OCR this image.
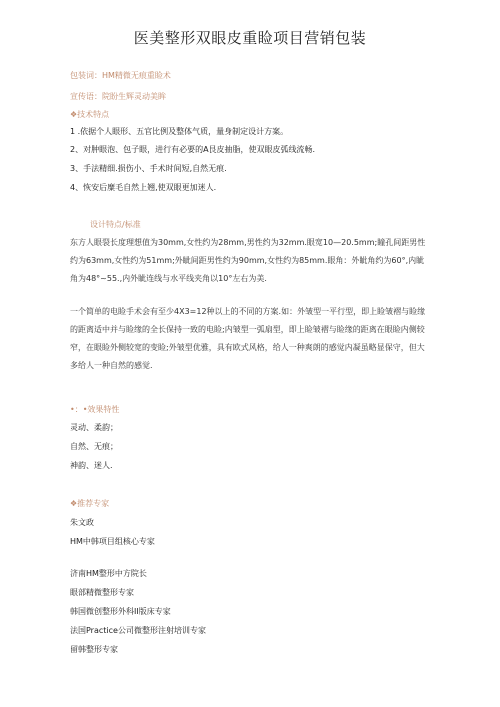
医美整形双眼皮重睑项目营销包装
包装词：HM精微无痕重睑术
宣传语：院盼生辉灵动美眸
❖技术特点
1 .依据个人眼形、五官比例及整体气质，量身制定设计方案。
2、对肿眼泡、包子眼，进行有必要的A艮皮抽脂，使双眼皮弧线流畅.
3、手法精细.损伤小、手术时间短,自然无痕.
4、恢安后糜毛自然上翘,使双眼更加迷人.
设计特点/标准
东方人眼裂长度理想值为30mm,女性约为28mm,男性约为32mm.眼宽10—20.5mm;瞳孔间距男性约为63mm,女性约为51mm;外眦间距男性约为90mm,女性约为85mm.眼角：外眦角约为60°,内眦角为48°~55.,内外眦连线与水平线夹角以10°左右为美.
一个简单的电睑手术会有至少4X3=12种以上的不同的方案.如：外皱型一平行型，即上睑皱褶与睑缘的距离适中并与睑缘的全长保持一致的电睑;内皱型一弧扇型，即上睑皱褶与睑缘的距离在眼睑内侧较窄，在眼睑外侧较宽的变睑;外皱型优雅，具有欧式风格，给人一种爽朗的感觉内凝虽略显保守，但大多给人一种自然的感觉.
•：•效果特性
灵动、柔韵；
自然、无痕；
神韵、迷人.
❖推荐专家
朱文政
HM中韩项目组核心专家
济南HM整形中方院长
眼部精微整形专家
韩国微创整形外科II版床专家
法国Practice公司微整形注射培训专家
留韩整形专家
